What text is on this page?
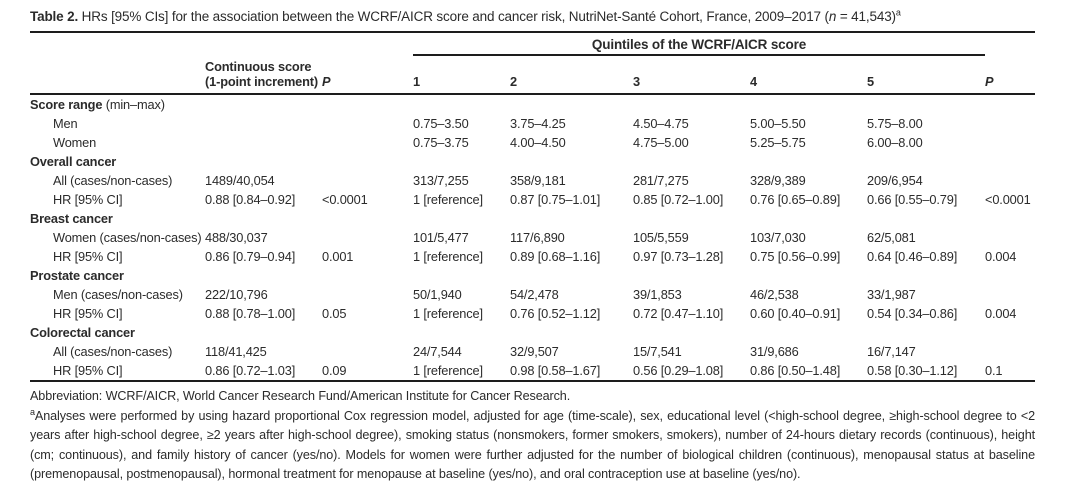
Table 2. HRs [95% CIs] for the association between the WCRF/AICR score and cancer risk, NutriNet-Santé Cohort, France, 2009–2017 (n = 41,543)$^a$
			Quintiles of the WCRF/AICR score					

	Continuous score
(1-point increment)	P	1	2	3	4	5	P
Score range (min–max)								
Men			0.75–3.50	3.75–4.25	4.50–4.75	5.00–5.50	5.75–8.00	
Women			0.75–3.75	4.00–4.50	4.75–5.00	5.25–5.75	6.00–8.00	
Overall cancer								
All (cases/non-cases)	1489/40,054		313/7,255	358/9,181	281/7,275	328/9,389	209/6,954	
HR [95% CI]	0.88 [0.84–0.92]	<0.0001	1 [reference]	0.87 [0.75–1.01]	0.85 [0.72–1.00]	0.76 [0.65–0.89]	0.66 [0.55–0.79]	<0.0001
Breast cancer								
Women (cases/non-cases)	488/30,037		101/5,477	117/6,890	105/5,559	103/7,030	62/5,081	
HR [95% CI]	0.86 [0.79–0.94]	0.001	1 [reference]	0.89 [0.68–1.16]	0.97 [0.73–1.28]	0.75 [0.56–0.99]	0.64 [0.46–0.89]	0.004
Prostate cancer								
Men (cases/non-cases)	222/10,796		50/1,940	54/2,478	39/1,853	46/2,538	33/1,987	
HR [95% CI]	0.88 [0.78–1.00]	0.05	1 [reference]	0.76 [0.52–1.12]	0.72 [0.47–1.10]	0.60 [0.40–0.91]	0.54 [0.34–0.86]	0.004
Colorectal cancer								
All (cases/non-cases)	118/41,425		24/7,544	32/9,507	15/7,541	31/9,686	16/7,147	
HR [95% CI]	0.86 [0.72–1.03]	0.09	1 [reference]	0.98 [0.58–1.67]	0.56 [0.29–1.08]	0.86 [0.50–1.48]	0.58 [0.30–1.12]	0.1

Abbreviation: WCRF/AICR, World Cancer Research Fund/American Institute for Cancer Research.

$^a$Analyses were performed by using hazard proportional Cox regression model, adjusted for age (time-scale), sex, educational level (<high-school degree, ≥high-school degree to <2 years after high-school degree, ≥2 years after high-school degree), smoking status (nonsmokers, former smokers, smokers), number of 24-hours dietary records (continuous), height (cm; continuous), and family history of cancer (yes/no). Models for women were further adjusted for the number of biological children (continuous), menopausal status at baseline (premenopausal, postmenopausal), hormonal treatment for menopause at baseline (yes/no), and oral contraception use at baseline (yes/no).
